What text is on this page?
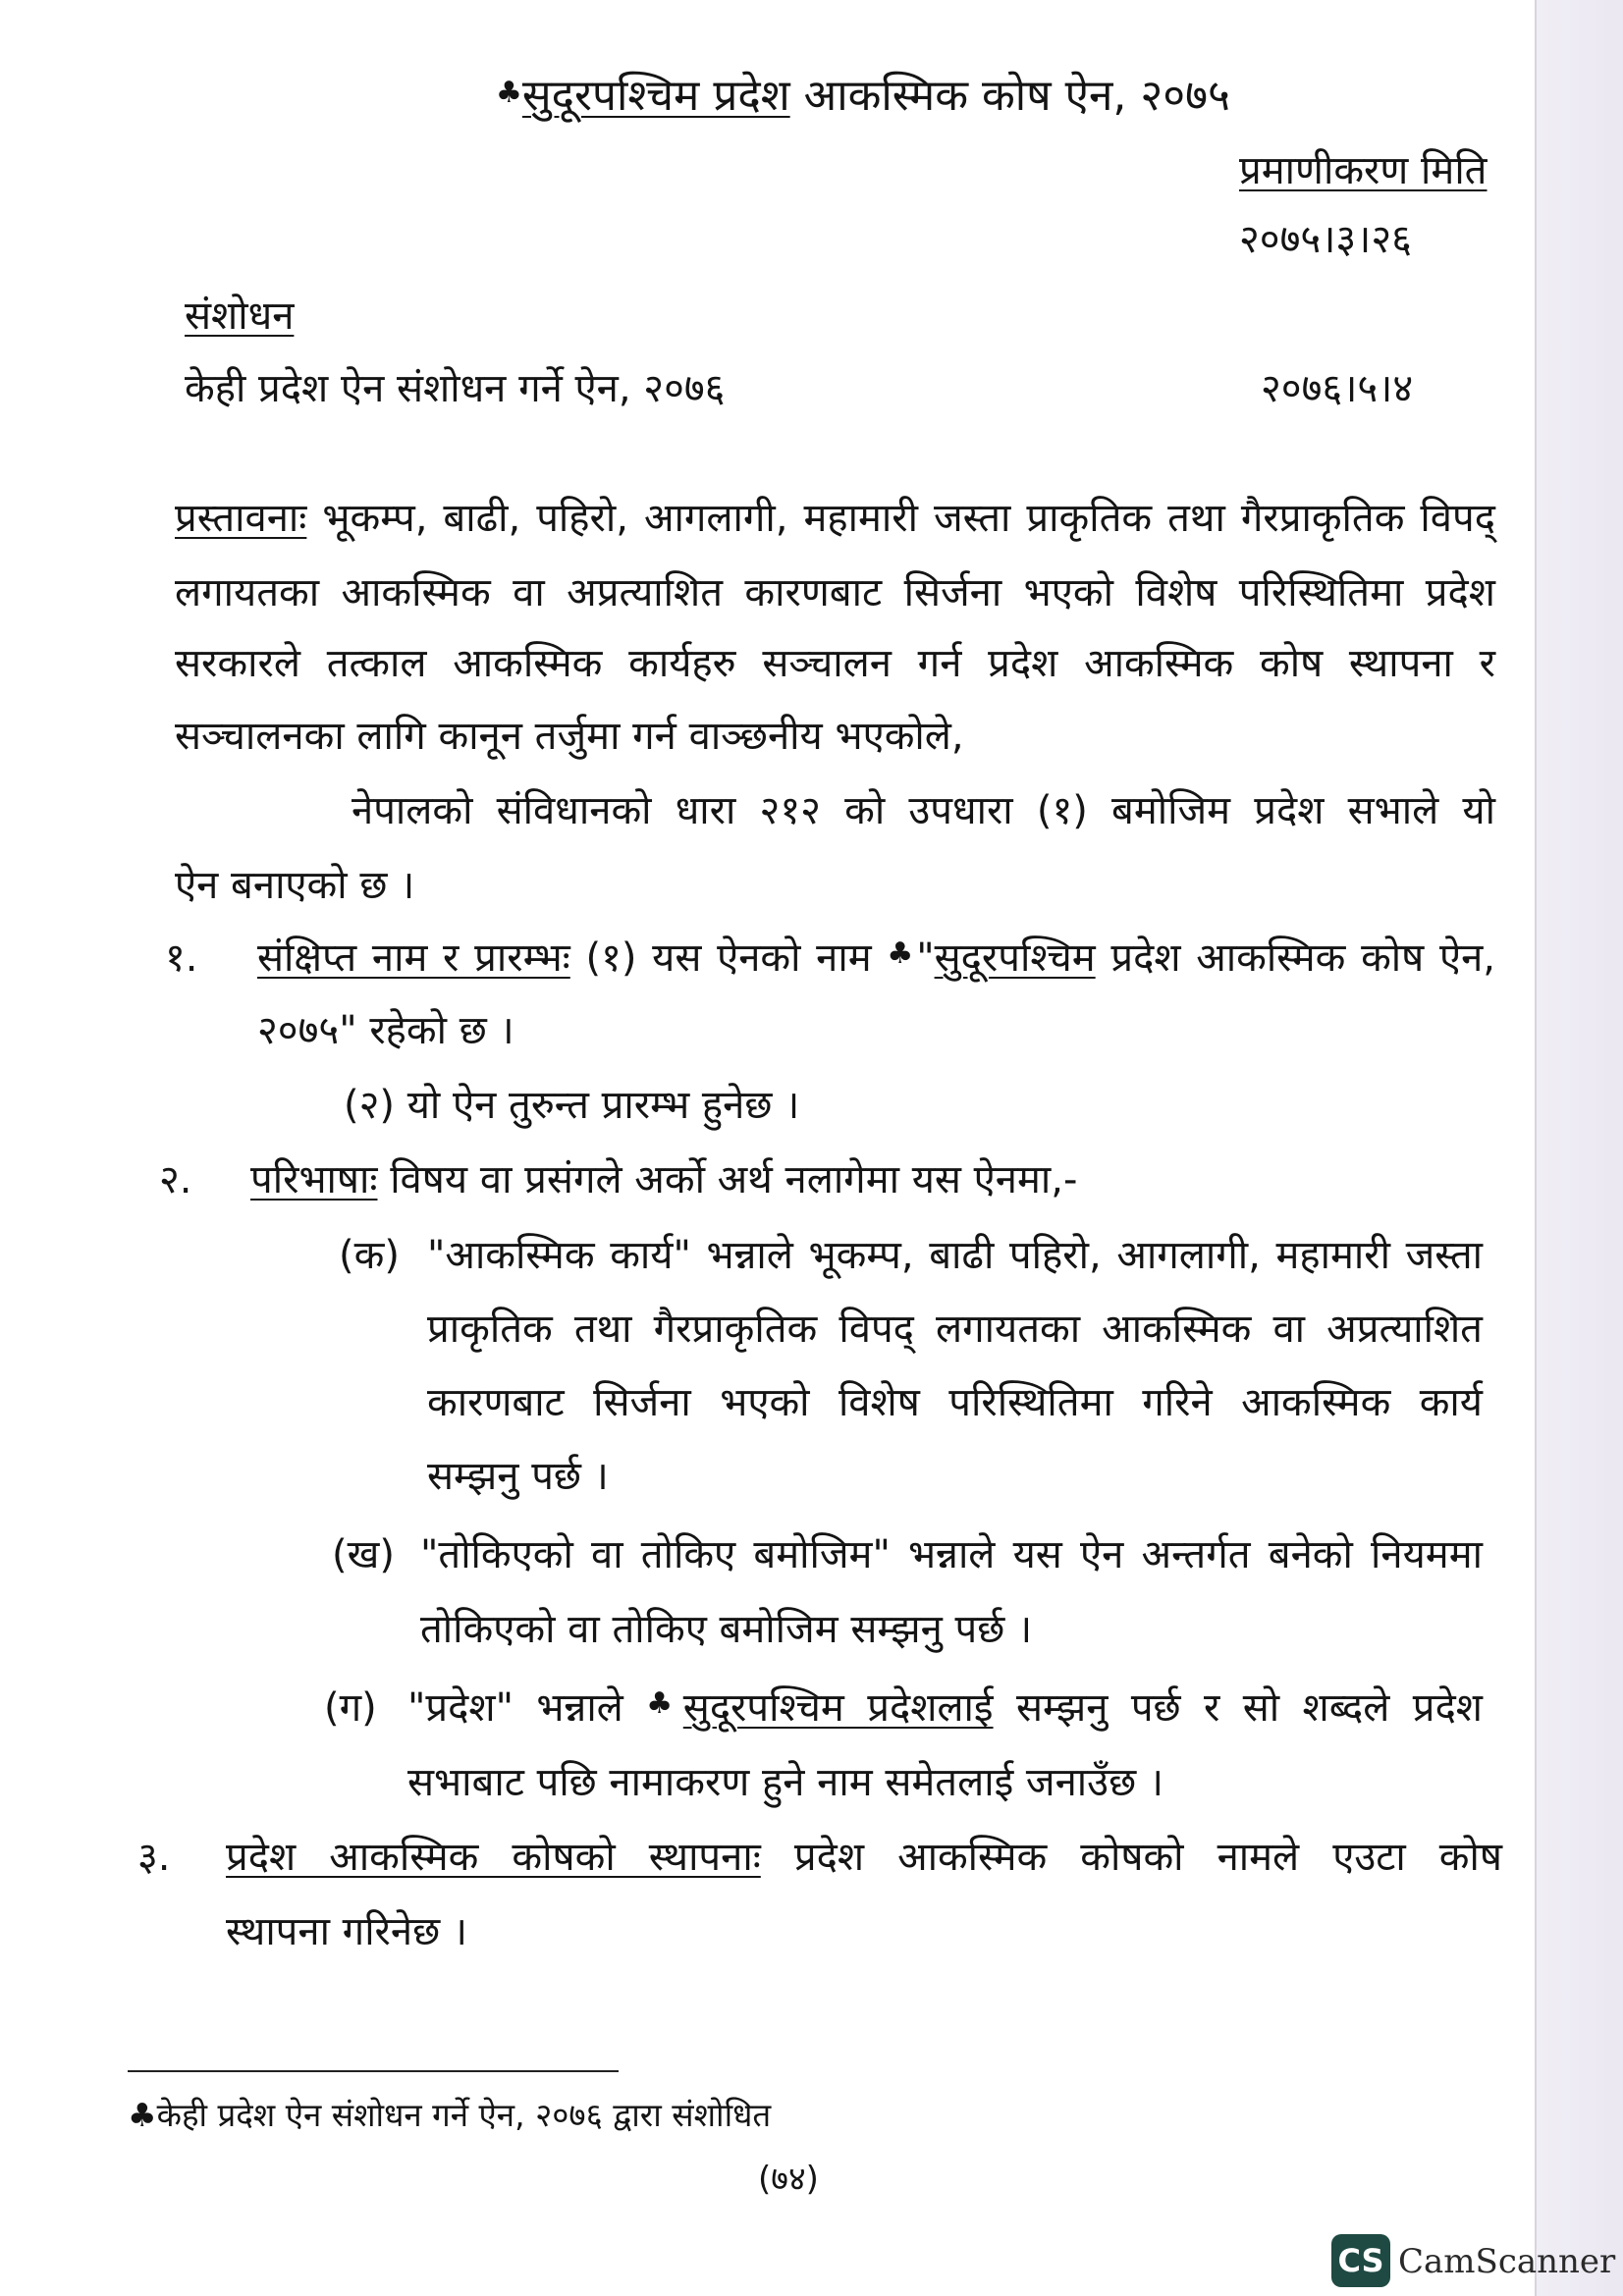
♣सुदूरपश्चिम प्रदेश आकस्मिक कोष ऐन, २०७५
प्रमाणीकरण मिति
२०७५।३।२६
संशोधन
केही प्रदेश ऐन संशोधन गर्ने ऐन, २०७६	२०७६।५।४
प्रस्तावनाः भूकम्प, बाढी, पहिरो, आगलागी, महामारी जस्ता प्राकृतिक तथा गैरप्राकृतिक विपद्
लगायतका आकस्मिक वा अप्रत्याशित कारणबाट सिर्जना भएको विशेष परिस्थितिमा प्रदेश
सरकारले तत्काल आकस्मिक कार्यहरु सञ्चालन गर्न प्रदेश आकस्मिक कोष स्थापना र
सञ्चालनका लागि कानून तर्जुमा गर्न वाञ्छनीय भएकोले,
नेपालको संविधानको धारा २१२ को उपधारा (१) बमोजिम प्रदेश सभाले यो
ऐन बनाएको छ ।
१. संक्षिप्त नाम र प्रारम्भः (१) यस ऐनको नाम ♣"सुदूरपश्चिम प्रदेश आकस्मिक कोष ऐन,
२०७५" रहेको छ ।
(२) यो ऐन तुरुन्त प्रारम्भ हुनेछ ।
२. परिभाषाः विषय वा प्रसंगले अर्को अर्थ नलागेमा यस ऐनमा,-
(क) "आकस्मिक कार्य" भन्नाले भूकम्प, बाढी पहिरो, आगलागी, महामारी जस्ता
प्राकृतिक तथा गैरप्राकृतिक विपद् लगायतका आकस्मिक वा अप्रत्याशित
कारणबाट सिर्जना भएको विशेष परिस्थितिमा गरिने आकस्मिक कार्य
सम्झनु पर्छ ।
(ख) "तोकिएको वा तोकिए बमोजिम" भन्नाले यस ऐन अन्तर्गत बनेको नियममा
तोकिएको वा तोकिए बमोजिम सम्झनु पर्छ ।
(ग) "प्रदेश" भन्नाले ♣सुदूरपश्चिम प्रदेशलाई सम्झनु पर्छ र सो शब्दले प्रदेश
सभाबाट पछि नामाकरण हुने नाम समेतलाई जनाउँछ ।
३. प्रदेश आकस्मिक कोषको स्थापनाः प्रदेश आकस्मिक कोषको नामले एउटा कोष
स्थापना गरिनेछ ।
♣केही प्रदेश ऐन संशोधन गर्ने ऐन, २०७६ द्वारा संशोधित
(७४)
CS CamScanner
